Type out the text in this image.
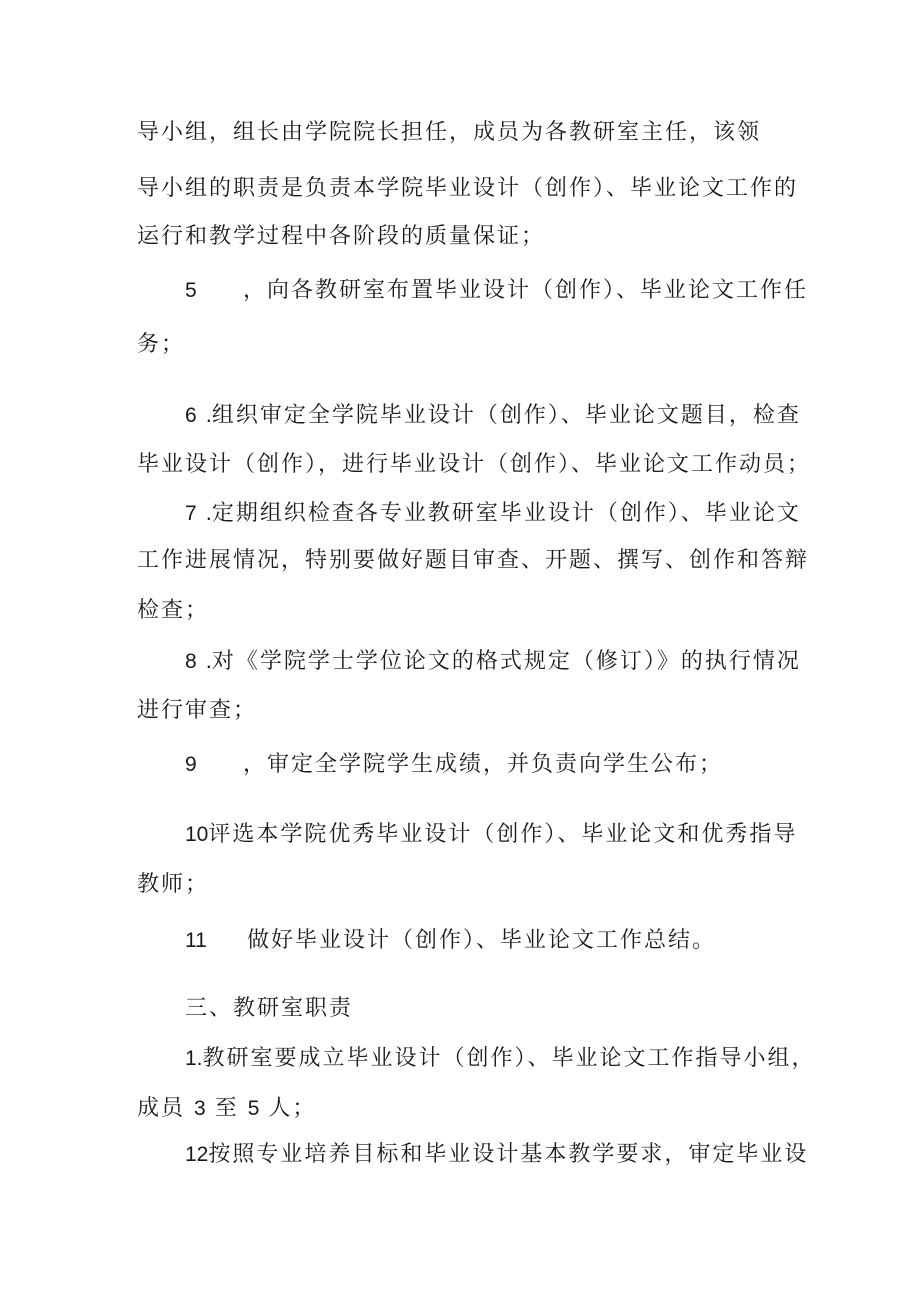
导小组，组长由学院院长担任，成员为各教研室主任，该领
导小组的职责是负责本学院毕业设计（创作）、毕业论文工作的
运行和教学过程中各阶段的质量保证；
5 ，向各教研室布置毕业设计（创作）、毕业论文工作任
务；
6 .组织审定全学院毕业设计（创作）、毕业论文题目，检查
毕业设计（创作），进行毕业设计（创作）、毕业论文工作动员；
7 .定期组织检查各专业教研室毕业设计（创作）、毕业论文
工作进展情况，特别要做好题目审查、开题、撰写、创作和答辩
检查；
8 .对《学院学士学位论文的格式规定（修订）》的执行情况
进行审查；
9 ，审定全学院学生成绩，并负责向学生公布；
10评选本学院优秀毕业设计（创作）、毕业论文和优秀指导
教师；
11 做好毕业设计（创作）、毕业论文工作总结。
三、教研室职责
1.教研室要成立毕业设计（创作）、毕业论文工作指导小组，
成员 3 至 5 人；
12按照专业培养目标和毕业设计基本教学要求，审定毕业设
